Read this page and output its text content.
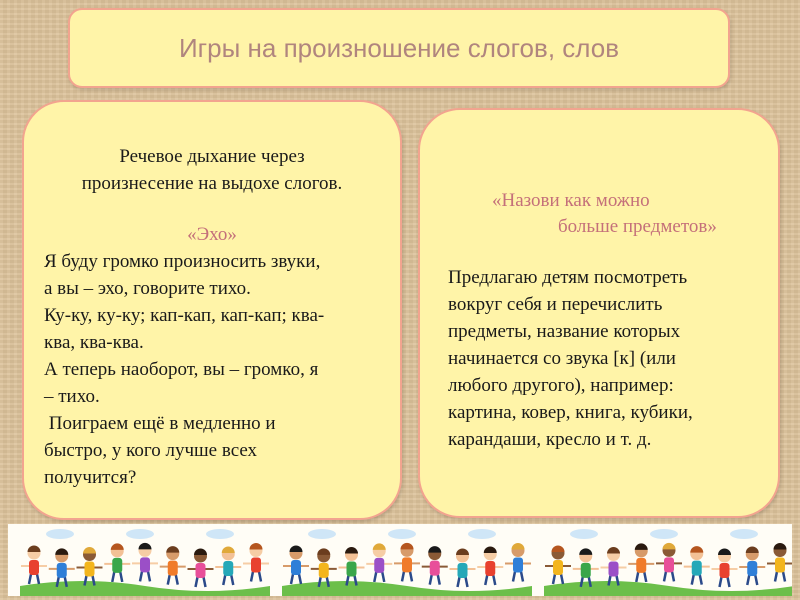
Игры на произношение слогов, слов
Речевое дыхание через
произнесение на выдохе слогов.
«Эхо»
Я буду громко произносить звуки,
а вы – эхо, говорите тихо.
Ку-ку, ку-ку; кап-кап, кап-кап; ква-
ква, ква-ква.
А теперь наоборот, вы – громко, я
– тихо.
Поиграем ещё в медленно и
быстро, у кого лучше всех
получится?
«Назови как можно
больше предметов»
Предлагаю детям посмотреть
вокруг себя и перечислить
предметы, название которых
начинается со звука [к] (или
любого другого), например:
картина, ковер, книга, кубики,
карандаши, кресло и т. д.
